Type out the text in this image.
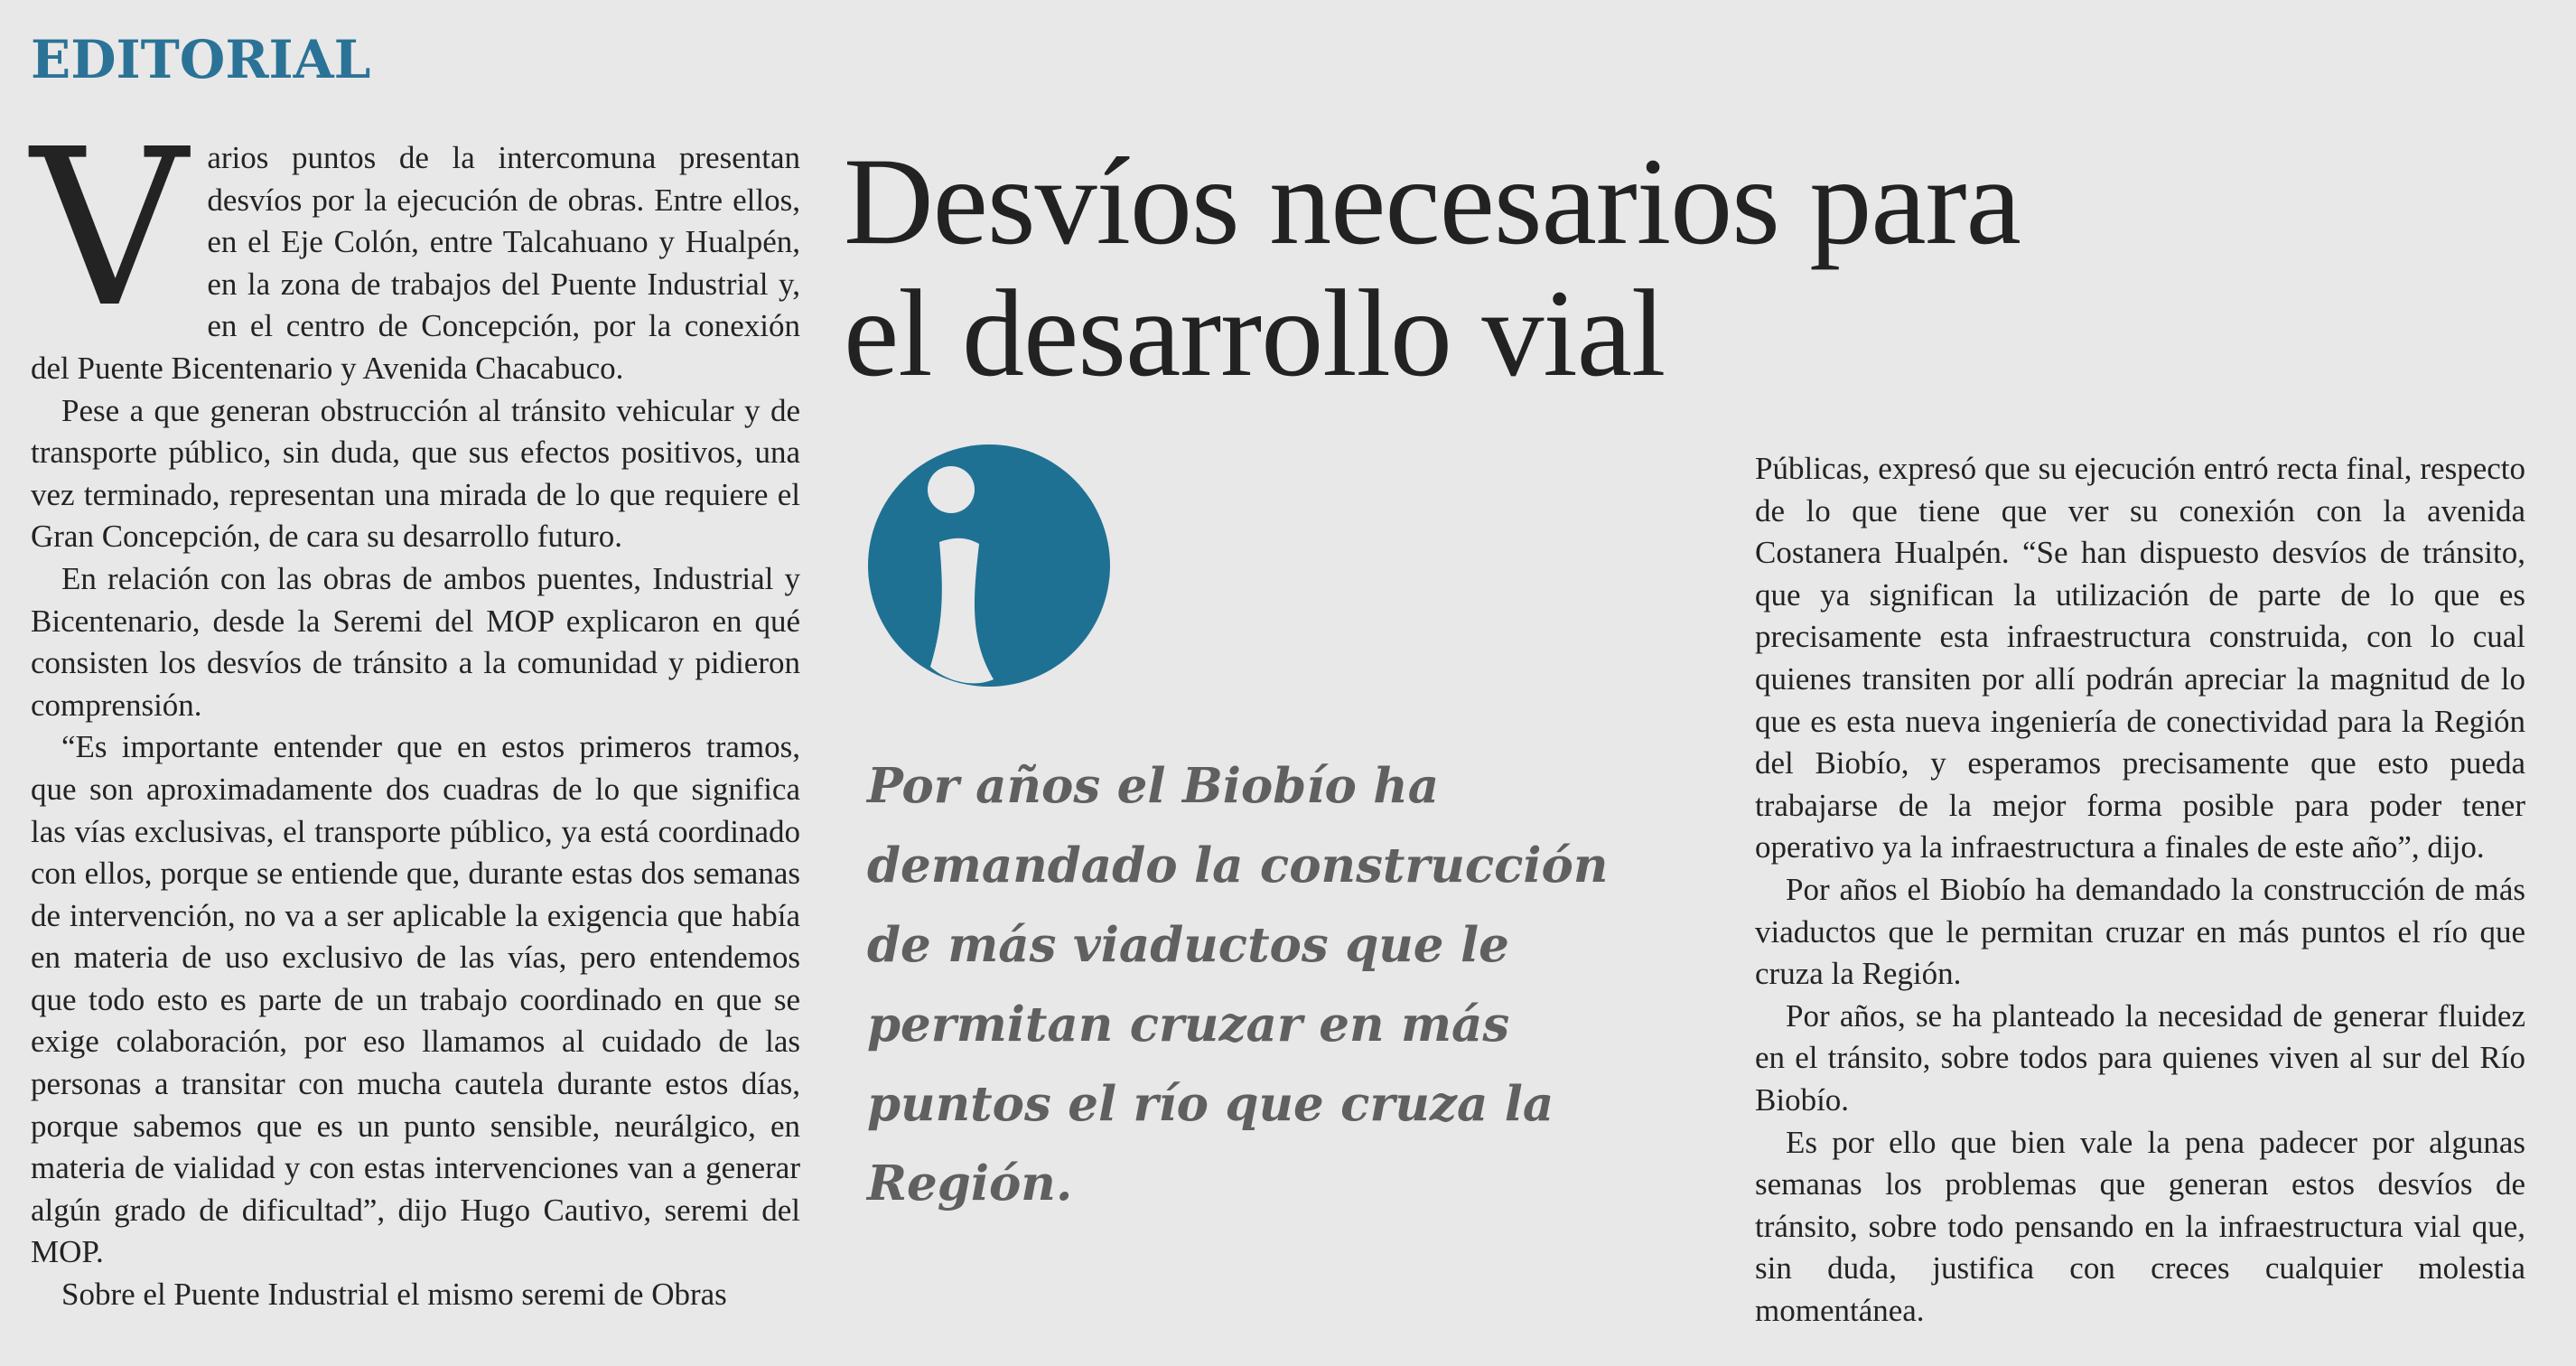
EDITORIAL

Varios puntos de la intercomuna presentan desvíos por la ejecución de obras. Entre ellos, en el Eje Colón, entre Talcahuano y Hualpén, en la zona de trabajos del Puente Industrial y, en el centro de Concepción, por la conexión del Puente Bicentenario y Avenida Chacabuco.

Pese a que generan obstrucción al tránsito vehicular y de transporte público, sin duda, que sus efectos positivos, una vez terminado, representan una mirada de lo que requiere el Gran Concepción, de cara su desarrollo futuro.

En relación con las obras de ambos puentes, Industrial y Bicentenario, desde la Seremi del MOP explicaron en qué consisten los desvíos de tránsito a la comunidad y pidieron comprensión.

“Es importante entender que en estos primeros tramos, que son aproximadamente dos cuadras de lo que significa las vías exclusivas, el transporte público, ya está coordinado con ellos, porque se entiende que, durante estas dos semanas de intervención, no va a ser aplicable la exigencia que había en materia de uso exclusivo de las vías, pero entendemos que todo esto es parte de un trabajo coordinado en que se exige colaboración, por eso llamamos al cuidado de las personas a transitar con mucha cautela durante estos días, porque sabemos que es un punto sensible, neurálgico, en materia de vialidad y con estas intervenciones van a generar algún grado de dificultad”, dijo Hugo Cautivo, seremi del MOP.

Sobre el Puente Industrial el mismo seremi de Obras

Desvíos necesarios para el desarrollo vial

Por años el Biobío ha demandado la construcción de más viaductos que le permitan cruzar en más puntos el río que cruza la Región.

Públicas, expresó que su ejecución entró recta final, respecto de lo que tiene que ver su conexión con la avenida Costanera Hualpén. “Se han dispuesto desvíos de tránsito, que ya significan la utilización de parte de lo que es precisamente esta infraestructura construida, con lo cual quienes transiten por allí podrán apreciar la magnitud de lo que es esta nueva ingeniería de conectividad para la Región del Biobío, y esperamos precisamente que esto pueda trabajarse de la mejor forma posible para poder tener operativo ya la infraestructura a finales de este año”, dijo.

Por años el Biobío ha demandado la construcción de más viaductos que le permitan cruzar en más puntos el río que cruza la Región.

Por años, se ha planteado la necesidad de generar fluidez en el tránsito, sobre todos para quienes viven al sur del Río Biobío.

Es por ello que bien vale la pena padecer por algunas semanas los problemas que generan estos desvíos de tránsito, sobre todo pensando en la infraestructura vial que, sin duda, justifica con creces cualquier molestia momentánea.
